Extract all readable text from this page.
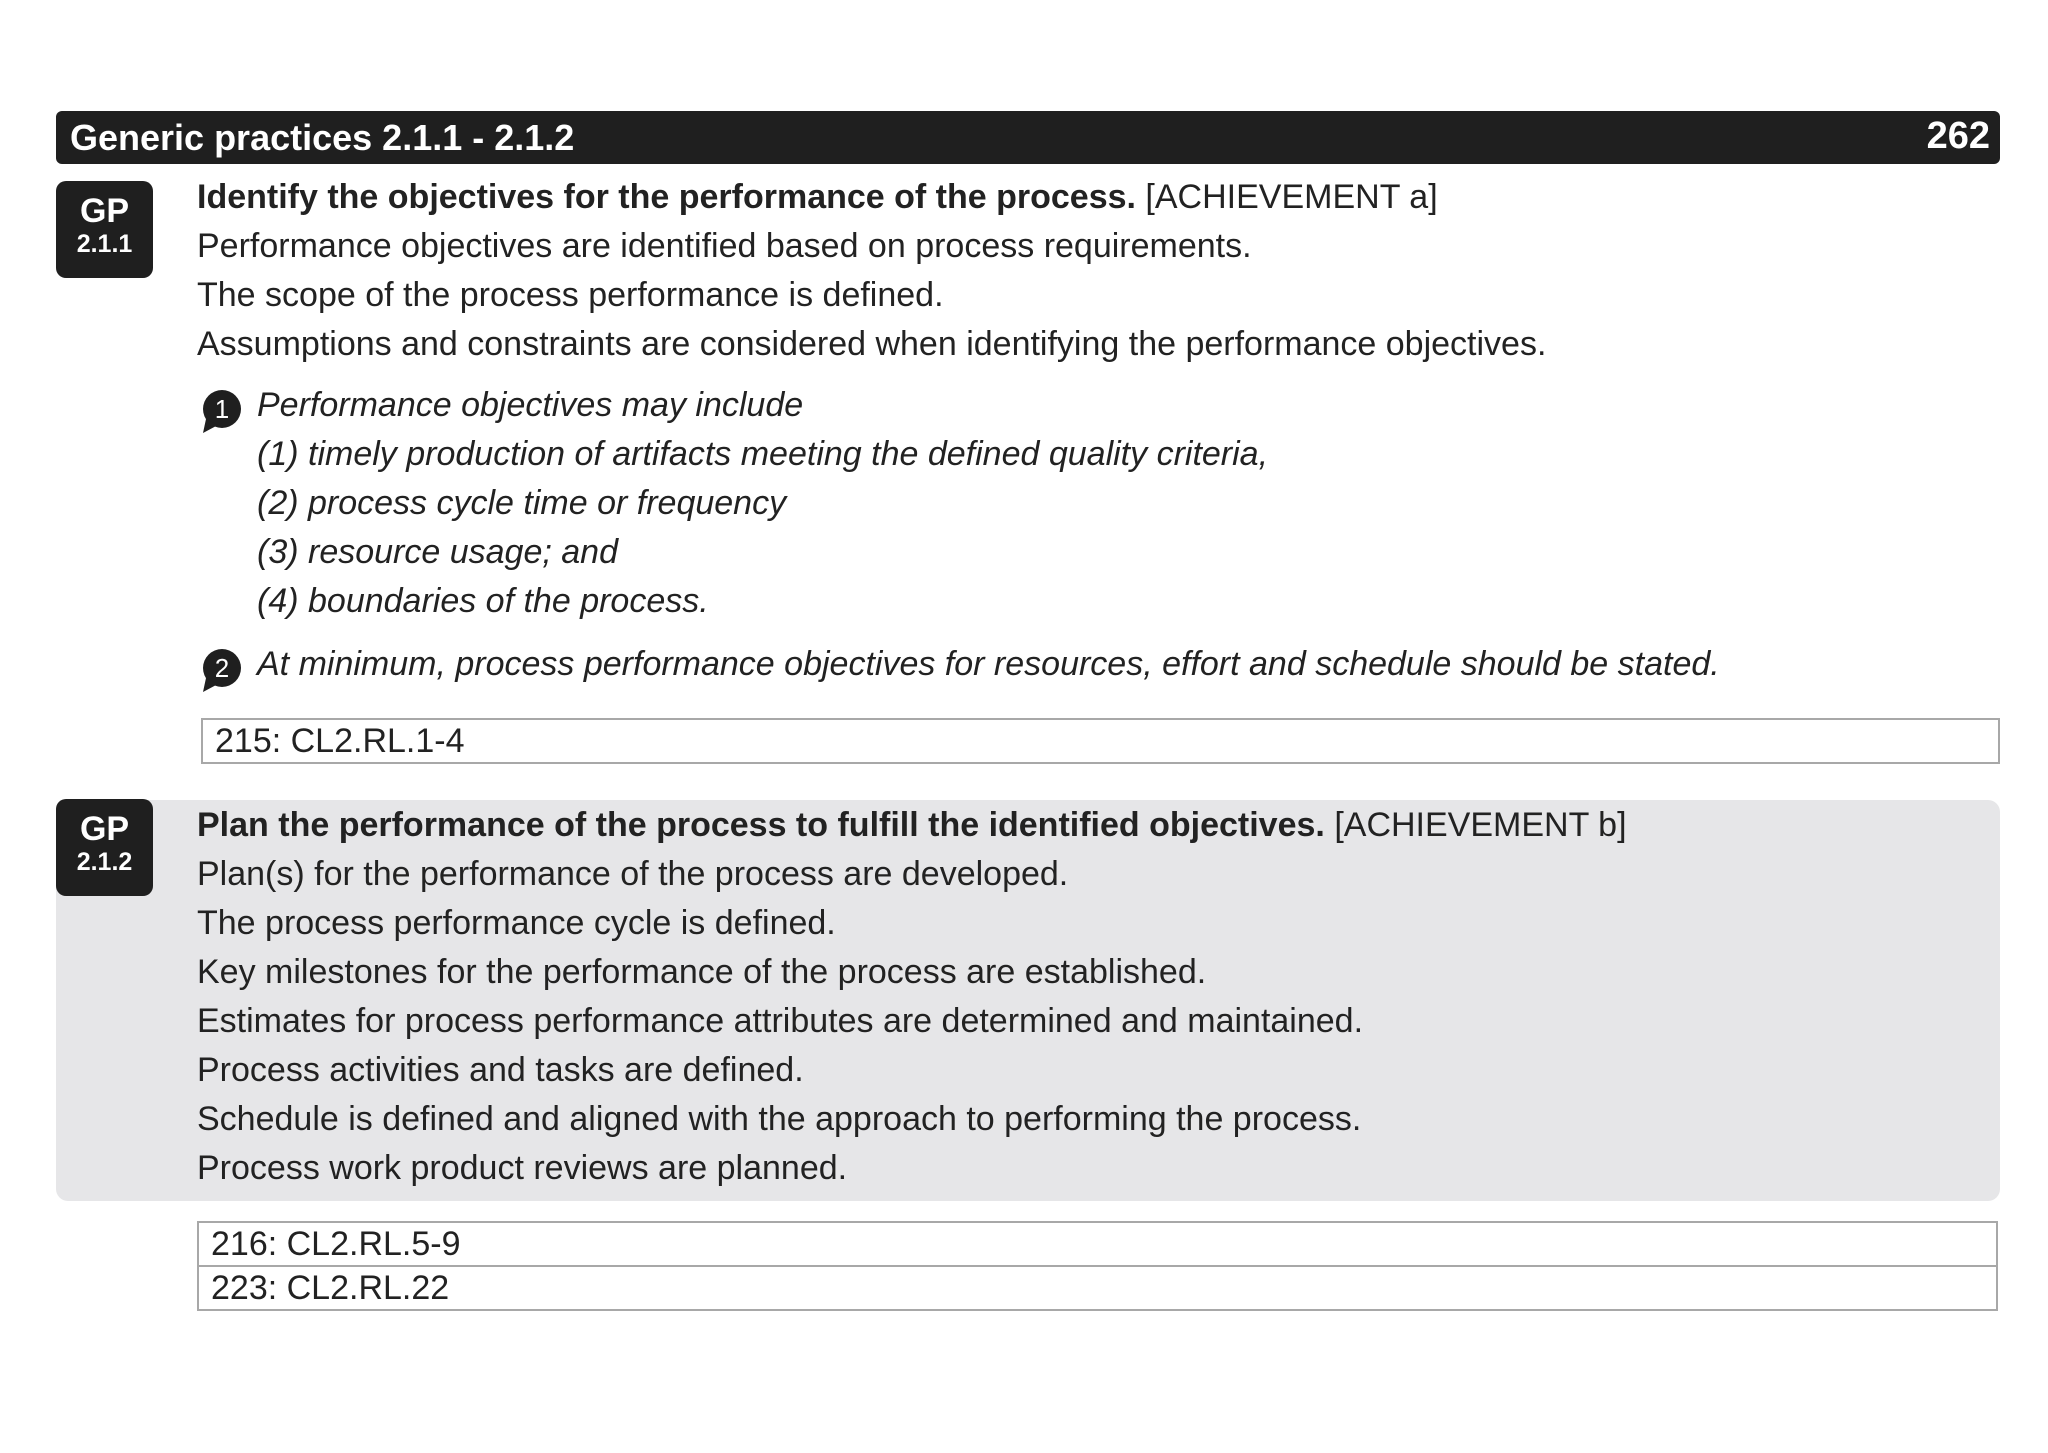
Generic practices 2.1.1 - 2.1.2	262
GP
2.1.1
Identify the objectives for the performance of the process. [ACHIEVEMENT a]
Performance objectives are identified based on process requirements.
The scope of the process performance is defined.
Assumptions and constraints are considered when identifying the performance objectives.
1 Performance objectives may include
(1) timely production of artifacts meeting the defined quality criteria,
(2) process cycle time or frequency
(3) resource usage; and
(4) boundaries of the process.
2 At minimum, process performance objectives for resources, effort and schedule should be stated.
215: CL2.RL.1-4
GP
2.1.2
Plan the performance of the process to fulfill the identified objectives. [ACHIEVEMENT b]
Plan(s) for the performance of the process are developed.
The process performance cycle is defined.
Key milestones for the performance of the process are established.
Estimates for process performance attributes are determined and maintained.
Process activities and tasks are defined.
Schedule is defined and aligned with the approach to performing the process.
Process work product reviews are planned.
216: CL2.RL.5-9
223: CL2.RL.22
